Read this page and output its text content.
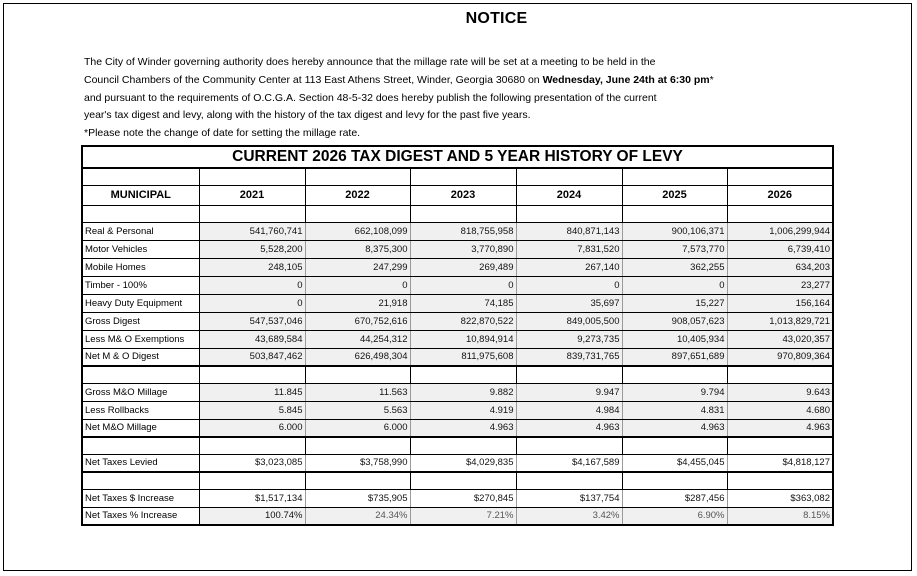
NOTICE
The City of Winder governing authority does hereby announce that the millage rate will be set at a meeting to be held in the
Council Chambers of the Community Center at 113 East Athens Street, Winder, Georgia 30680 on Wednesday, June 24th at 6:30 pm*
and pursuant to the requirements of O.C.G.A. Section 48-5-32 does hereby publish the following presentation of the current
year's tax digest and levy, along with the history of the tax digest and levy for the past five years.
*Please note the change of date for setting the millage rate.
CURRENT 2026 TAX DIGEST AND 5 YEAR HISTORY OF LEVY						

MUNICIPAL	2021	2022	2023	2024	2025	2026

Real & Personal	541,760,741	662,108,099	818,755,958	840,871,143	900,106,371	1,006,299,944
Motor Vehicles	5,528,200	8,375,300	3,770,890	7,831,520	7,573,770	6,739,410
Mobile Homes	248,105	247,299	269,489	267,140	362,255	634,203
Timber - 100%	0	0	0	0	0	23,277
Heavy Duty Equipment	0	21,918	74,185	35,697	15,227	156,164
Gross Digest	547,537,046	670,752,616	822,870,522	849,005,500	908,057,623	1,013,829,721
Less M& O Exemptions	43,689,584	44,254,312	10,894,914	9,273,735	10,405,934	43,020,357
Net M & O Digest	503,847,462	626,498,304	811,975,608	839,731,765	897,651,689	970,809,364

Gross M&O Millage	11.845	11.563	9.882	9.947	9.794	9.643
Less Rollbacks	5.845	5.563	4.919	4.984	4.831	4.680
Net M&O Millage	6.000	6.000	4.963	4.963	4.963	4.963

Net Taxes Levied	$3,023,085	$3,758,990	$4,029,835	$4,167,589	$4,455,045	$4,818,127

Net Taxes $ Increase	$1,517,134	$735,905	$270,845	$137,754	$287,456	$363,082
Net Taxes % Increase	100.74%	24.34%	7.21%	3.42%	6.90%	8.15%
